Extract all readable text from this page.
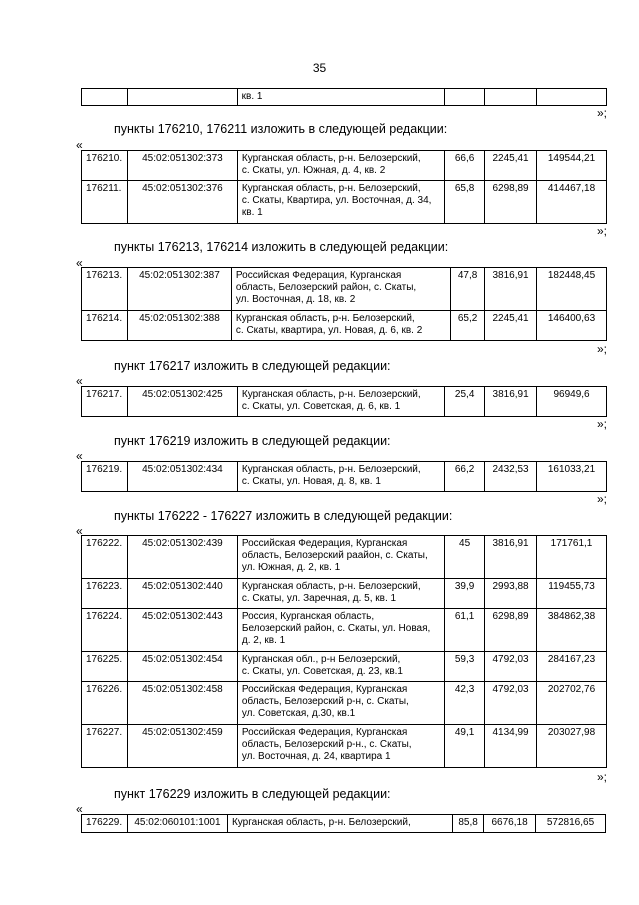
35
		кв. 1			
»;
пункты 176210, 176211 изложить в следующей редакции:
«
176210.	45:02:051302:373	Курганская область, р-н. Белозерский,
с. Скаты, ул. Южная, д. 4, кв. 2	66,6	2245,41	149544,21
176211.	45:02:051302:376	Курганская область, р-н. Белозерский,
с. Скаты, Квартира, ул. Восточная, д. 34,
кв. 1	65,8	6298,89	414467,18
»;
пункты 176213, 176214 изложить в следующей редакции:
«
176213.	45:02:051302:387	Российская Федерация, Курганская
область, Белозерский район, с. Скаты,
ул. Восточная, д. 18, кв. 2	47,8	3816,91	182448,45
176214.	45:02:051302:388	Курганская область, р-н. Белозерский,
с. Скаты, квартира, ул. Новая, д. 6, кв. 2	65,2	2245,41	146400,63
»;
пункт 176217 изложить в следующей редакции:
«
176217.	45:02:051302:425	Курганская область, р-н. Белозерский,
с. Скаты, ул. Советская, д. 6, кв. 1
	25,4	3816,91	96949,6
»;
пункт 176219 изложить в следующей редакции:
«
176219.	45:02:051302:434	Курганская область, р-н. Белозерский,
с. Скаты, ул. Новая, д. 8, кв. 1
	66,2	2432,53	161033,21
»;
пункты 176222 - 176227 изложить в следующей редакции:
«
176222.	45:02:051302:439	Российская Федерация, Курганская
область, Белозерский раайон, с. Скаты,
ул. Южная, д. 2, кв. 1	45	3816,91	171761,1
176223.	45:02:051302:440	Курганская область, р-н. Белозерский,
с. Скаты, ул. Заречная, д. 5, кв. 1	39,9	2993,88	119455,73
176224.	45:02:051302:443	Россия, Курганская область,
Белозерский район, с. Скаты, ул. Новая,
д. 2, кв. 1	61,1	6298,89	384862,38
176225.	45:02:051302:454	Курганская обл., р-н Белозерский,
с. Скаты, ул. Советская, д. 23, кв.1	59,3	4792,03	284167,23
176226.	45:02:051302:458	Российская Федерация, Курганская
область, Белозерский р-н, с. Скаты,
ул. Советская, д.30, кв.1	42,3	4792,03	202702,76
176227.	45:02:051302:459	Российская Федерация, Курганская
область, Белозерский р-н., с. Скаты,
ул. Восточная, д. 24, квартира 1	49,1	4134,99	203027,98
»;
пункт 176229 изложить в следующей редакции:
«
176229.	45:02:060101:1001	Курганская область, р-н. Белозерский,	85,8	6676,18	572816,65
